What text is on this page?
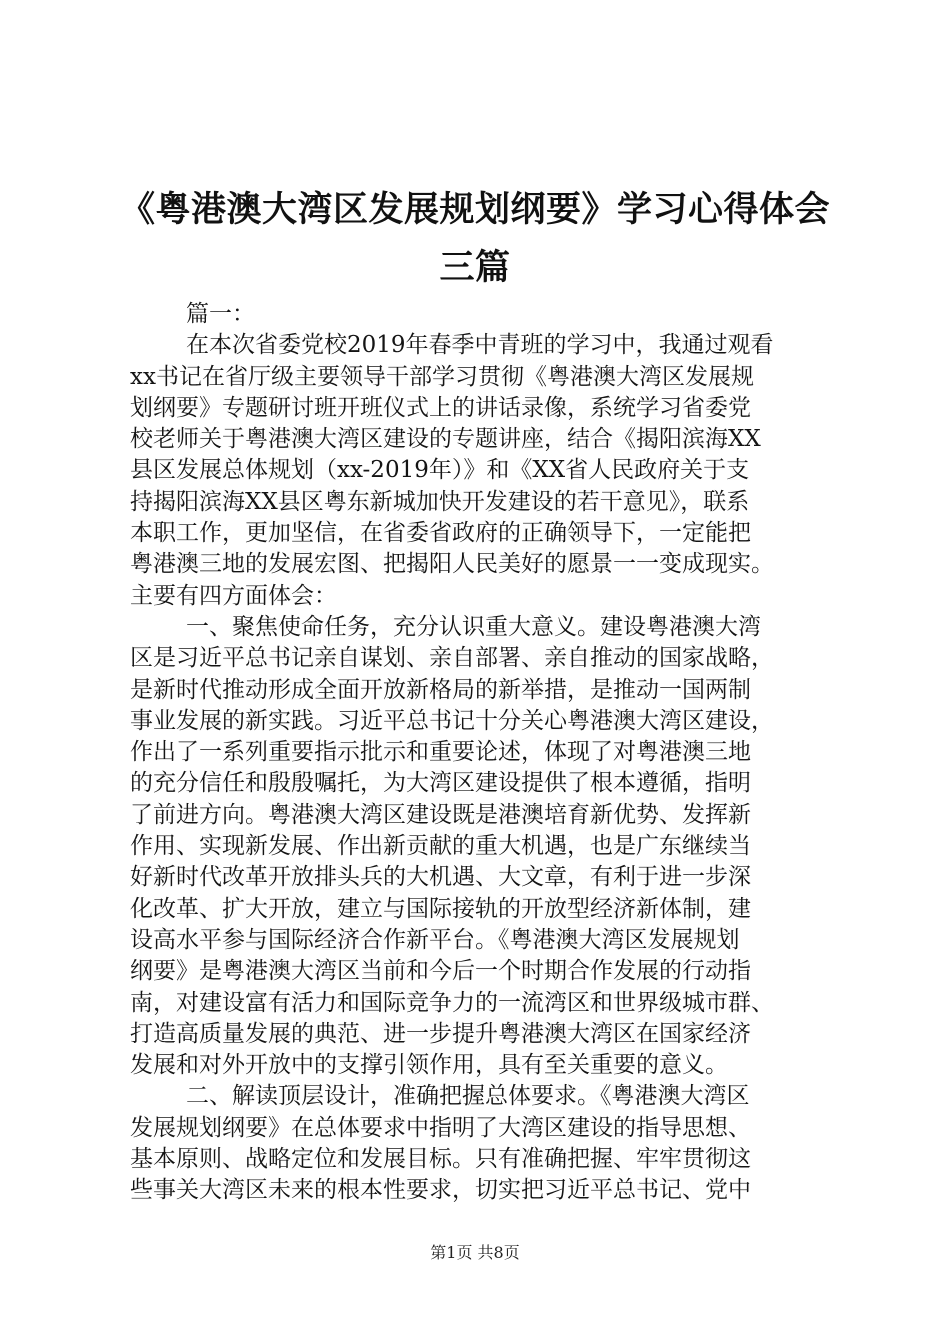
《粤港澳大湾区发展规划纲要》学习心得体会
三篇
篇一：
在本次省委党校2019年春季中青班的学习中，我通过观看
xx书记在省厅级主要领导干部学习贯彻《粤港澳大湾区发展规
划纲要》专题研讨班开班仪式上的讲话录像，系统学习省委党
校老师关于粤港澳大湾区建设的专题讲座，结合《揭阳滨海XX
县区发展总体规划（xx-2019年）》和《XX省人民政府关于支
持揭阳滨海XX县区粤东新城加快开发建设的若干意见》，联系
本职工作，更加坚信，在省委省政府的正确领导下，一定能把
粤港澳三地的发展宏图、把揭阳人民美好的愿景一一变成现实。
主要有四方面体会：
一、聚焦使命任务，充分认识重大意义。建设粤港澳大湾
区是习近平总书记亲自谋划、亲自部署、亲自推动的国家战略，
是新时代推动形成全面开放新格局的新举措，是推动一国两制
事业发展的新实践。习近平总书记十分关心粤港澳大湾区建设，
作出了一系列重要指示批示和重要论述，体现了对粤港澳三地
的充分信任和殷殷嘱托，为大湾区建设提供了根本遵循，指明
了前进方向。粤港澳大湾区建设既是港澳培育新优势、发挥新
作用、实现新发展、作出新贡献的重大机遇，也是广东继续当
好新时代改革开放排头兵的大机遇、大文章，有利于进一步深
化改革、扩大开放，建立与国际接轨的开放型经济新体制，建
设高水平参与国际经济合作新平台。《粤港澳大湾区发展规划
纲要》是粤港澳大湾区当前和今后一个时期合作发展的行动指
南，对建设富有活力和国际竞争力的一流湾区和世界级城市群、
打造高质量发展的典范、进一步提升粤港澳大湾区在国家经济
发展和对外开放中的支撑引领作用，具有至关重要的意义。
二、解读顶层设计，准确把握总体要求。《粤港澳大湾区
发展规划纲要》在总体要求中指明了大湾区建设的指导思想、
基本原则、战略定位和发展目标。只有准确把握、牢牢贯彻这
些事关大湾区未来的根本性要求，切实把习近平总书记、党中
第1页 共8页
